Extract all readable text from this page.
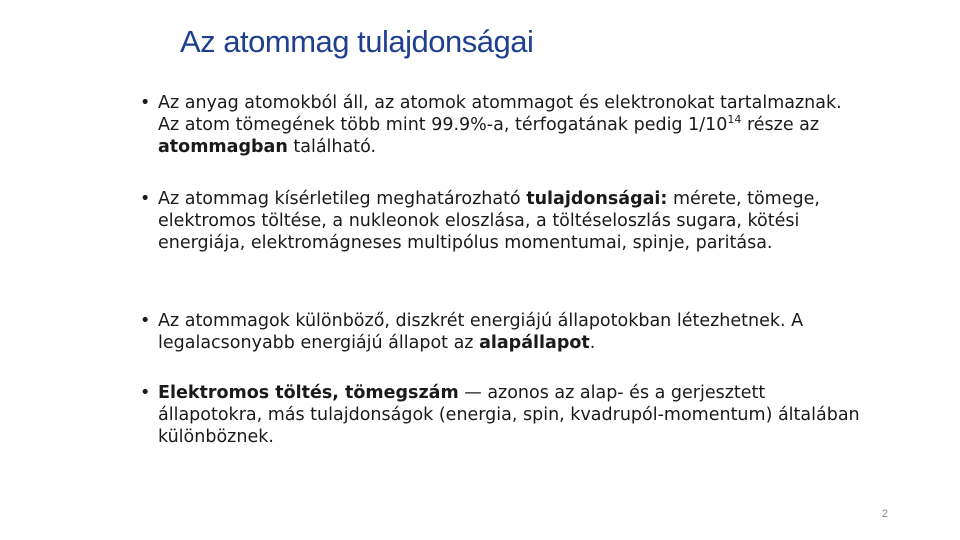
Az atommag tulajdonságai
• Az anyag atomokból áll, az atomok atommagot és elektronokat tartalmaznak. Az atom tömegének több mint 99.9%-a, térfogatának pedig $1/10^{14}$ része az atommagban található.
• Az atommag kísérletileg meghatározható tulajdonságai: mérete, tömege, elektromos töltése, a nukleonok eloszlása, a töltéseloszlás sugara, kötési energiája, elektromágneses multipólus momentumai, spinje, paritása.
• Az atommagok különböző, diszkrét energiájú állapotokban létezhetnek. A legalacsonyabb energiájú állapot az alapállapot.
• Elektromos töltés, tömegszám — azonos az alap- és a gerjesztett állapotokra, más tulajdonságok (energia, spin, kvadrupól-momentum) általában különböznek.
2
